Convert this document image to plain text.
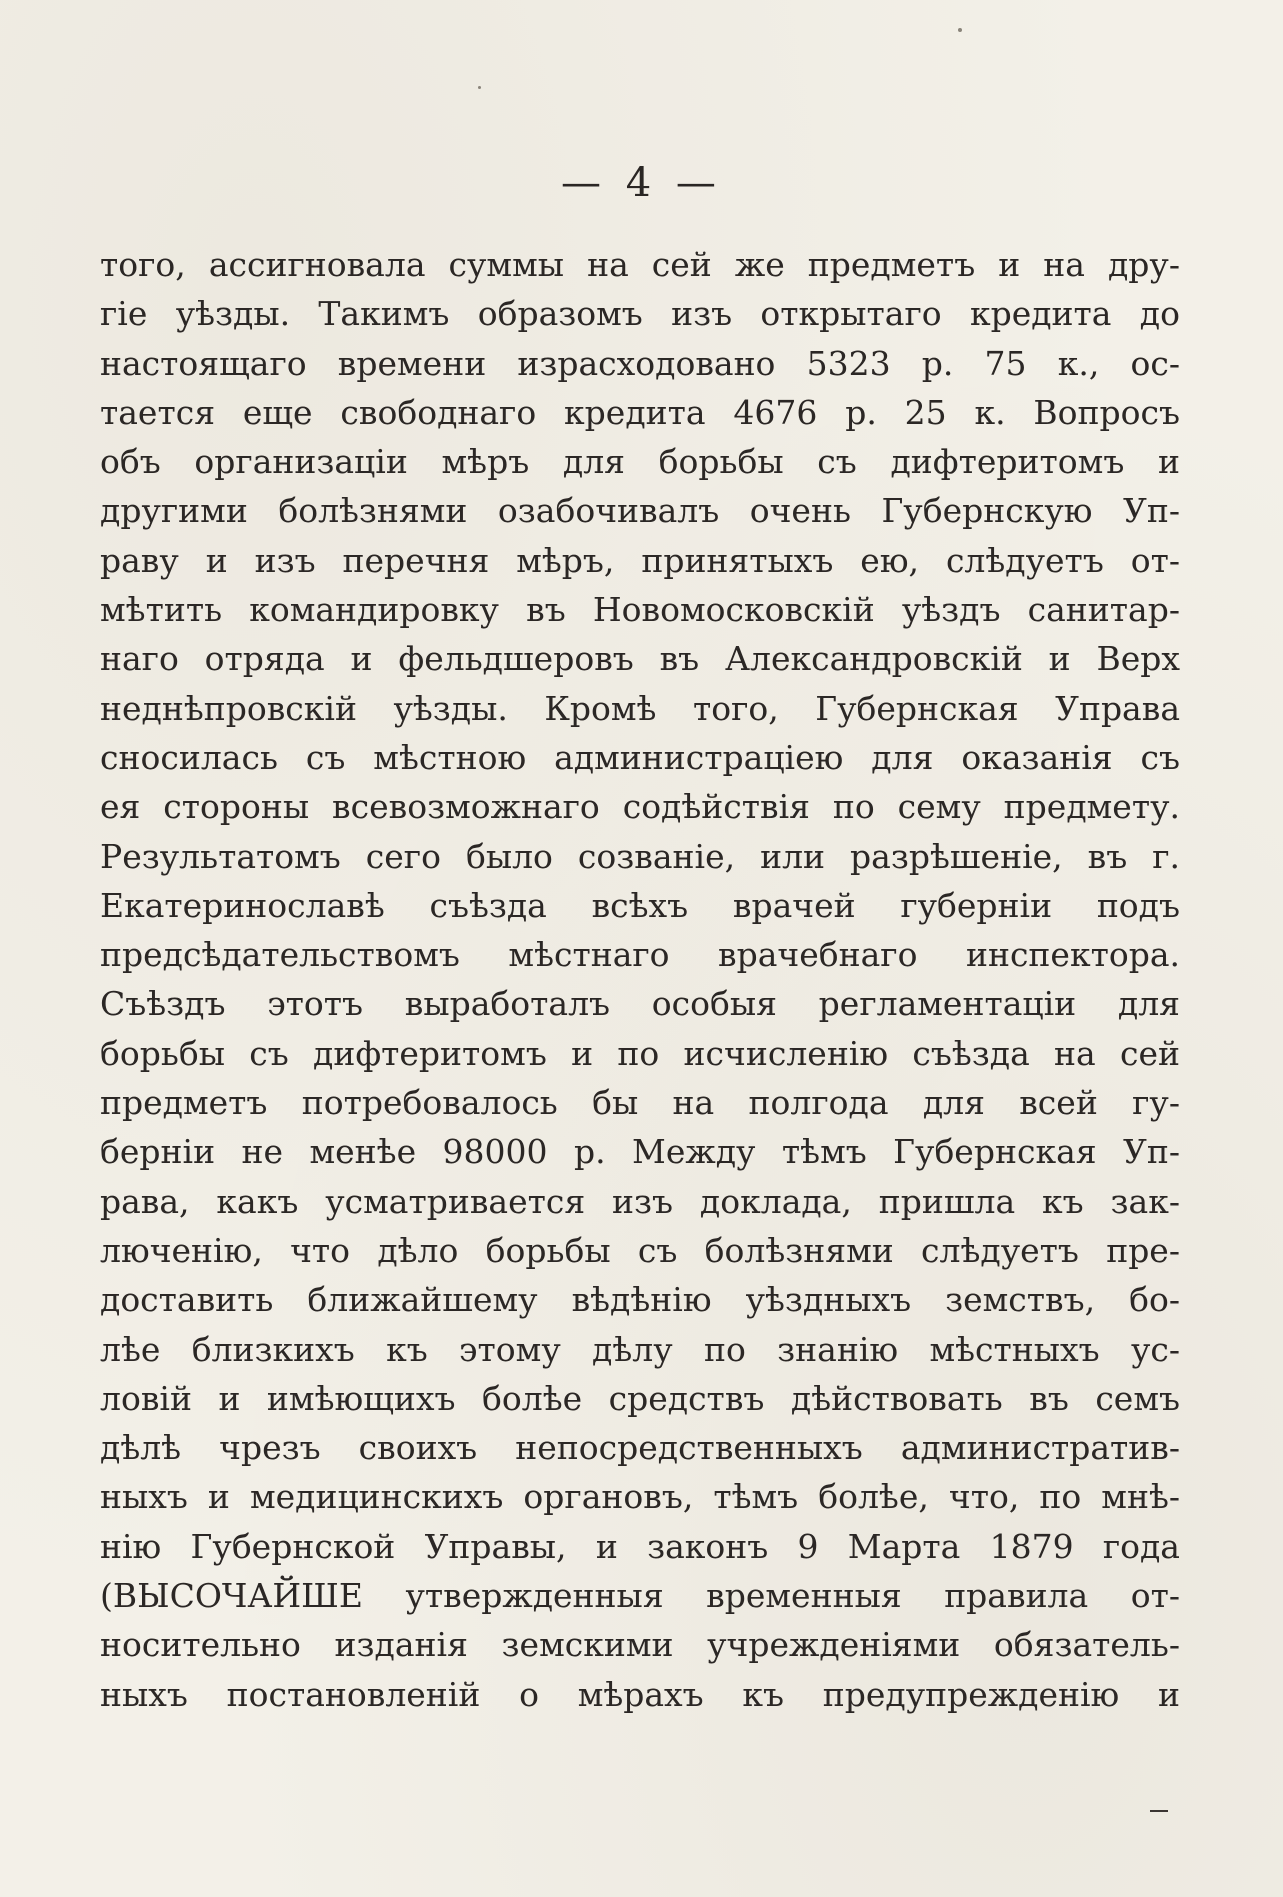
— 4 —
того, ассигновала суммы на сей же предметъ и на дру-
гіе уѣзды. Такимъ образомъ изъ открытаго кредита до
настоящаго времени израсходовано 5323 р. 75 к., ос-
тается еще свободнаго кредита 4676 р. 25 к. Вопросъ
объ организаціи мѣръ для борьбы съ дифтеритомъ и
другими болѣзнями озабочивалъ очень Губернскую Уп-
раву и изъ перечня мѣръ, принятыхъ ею, слѣдуетъ от-
мѣтить командировку въ Новомосковскій уѣздъ санитар-
наго отряда и фельдшеровъ въ Александровскій и Верх
неднѣпровскій уѣзды. Кромѣ того, Губернская Управа
сносилась съ мѣстною администраціею для оказанія съ
ея стороны всевозможнаго содѣйствія по сему предмету.
Результатомъ сего было созваніе, или разрѣшеніе, въ г.
Екатеринославѣ съѣзда всѣхъ врачей губерніи подъ
предсѣдательствомъ мѣстнаго врачебнаго инспектора.
Съѣздъ этотъ выработалъ особыя регламентаціи для
борьбы съ дифтеритомъ и по исчисленію съѣзда на сей
предметъ потребовалось бы на полгода для всей гу-
берніи не менѣе 98000 р. Между тѣмъ Губернская Уп-
рава, какъ усматривается изъ доклада, пришла къ зак-
люченію, что дѣло борьбы съ болѣзнями слѣдуетъ пре-
доставить ближайшему вѣдѣнію уѣздныхъ земствъ, бо-
лѣе близкихъ къ этому дѣлу по знанію мѣстныхъ ус-
ловій и имѣющихъ болѣе средствъ дѣйствовать въ семъ
дѣлѣ чрезъ своихъ непосредственныхъ административ-
ныхъ и медицинскихъ органовъ, тѣмъ болѣе, что, по мнѣ-
нію Губернской Управы, и законъ 9 Марта 1879 года
(ВЫСОЧАЙШЕ утвержденныя временныя правила от-
носительно изданія земскими учрежденіями обязатель-
ныхъ постановленій о мѣрахъ къ предупрежденію и
